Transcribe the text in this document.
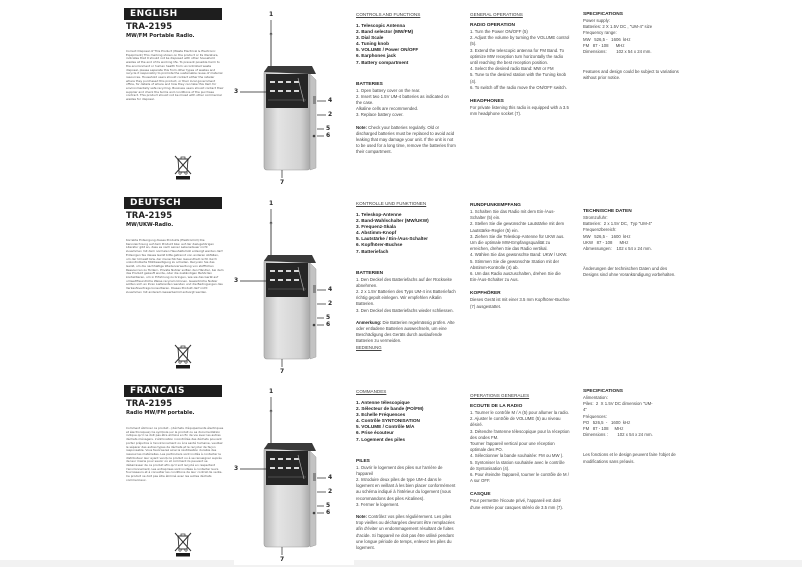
ENGLISH
TRA-2195
MW/FM Portable Radio.
Correct Disposal of This Product (Waste Electrical & Electronic Equipment) This marking shown on the product or its literature, indicates that it should not be disposed with other household wastes at the end of its working life. To prevent possible harm to the environment or human health from uncontrolled waste disposal, please separate this from other types of wastes and recycle it responsibly to promote the sustainable reuse of material resources. Household users should contact either the retailer where they purchased this product, or their local government office, for details of where and how they can take this item for environmentally safe recycling. Business users should contact their supplier and check the terms and conditions of the purchase contract. This product should not be mixed with other commercial wastes for disposal.
1
3
4
2
5
6
7
CONTROLS AND FUNCTIONS
1. Telescopic Antenna
2. Band selector (MW/FM)
3. Dial Scale
4. Tuning knob
5. VOLUME / Power ON/OFF
6. Earphones jack
7. Battery compartment
BATTERIES
1. Open battery cover on the rear.
2. Insert two 1.5V UM-4 batteries as indicated on the case.
Alkaline cells are recommended.
3. Replace battery cover.
Note: Check your batteries regularly. Old or discharged batteries must be replaced to avoid acid leaking that may damage your unit. If the unit is not to be used for a long time, remove the batteries from their compartment.
GENERAL OPERATIONS
RADIO OPERATION
1. Turn the Power ON/OFF (5)
2. Adjust the volume by turning the VOLUME control (5).
3. Extend the telescopic antenna for FM Band. To optimize MW reception turn horizontally the radio until reaching the best reception position.
4. Select the desired radio Band: MW or FM
5. Tune to the desired station with the Tuning knob (4).
6. To switch off the radio move the ON/OFF switch.
HEADPHONES
For private listening this radio is equipped with a 3.5 mm headphone socket (7).
SPECIFICATIONS
Power supply:
Batteries: 2 X 1.5V DC , "UM-4" size
Frequency range:
MW   526,5 -   1606  kHz
FM   87 - 108      MHz
Dimensions:        102 x 54 x 24 mm.
Features and design could be subject to variations without prior notice.
DEUTSCH
TRA-2195
MW/UKW-Radio.
Korrekte Entsorgung dieses Produkts (Elektromüll) Die Kennzeichnung auf dem Produkt bzw. auf der dazugehörigen Literatur gibt an, dass es nach seiner Lebensdauer nicht zusammen mit dem normalen Haushaltsmüll entsorgt werden darf. Entsorgen Sie dieses Gerät bitte getrennt von anderen Abfällen, um der Umwelt bzw. der menschlichen Gesundheit nicht durch unkontrollierte Müllbeseitigung zu schaden. Recyceln Sie das Gerät, um die nachhaltige Wiederverwertung von stofflichen Ressourcen zu fördern. Private Nutzer sollten den Händler, bei dem das Produkt gekauft wurde, oder die zuständigen Behörden kontaktieren, um in Erfahrung zu bringen, wie sie das Gerät auf umweltfreundliche Weise recyceln können. Gewerbliche Nutzer sollten sich an ihren Lieferanten wenden und die Bedingungen des Verkaufsvertrags konsultieren. Dieses Produkt darf nicht zusammen mit anderem Gewerbemüll entsorgt werden.
1
3
4
2
5
6
7
KONTROLLE UND FUNKTIONEN
1. Teleskop-Antenne
2. Band-Wahlschalter (MW/UKW)
3. Frequenz-Skala
4. Abstimm-Knopf
5. Lautstärke / Ein-/Aus-Schalter
6. Kopfhörer-Buchse
7. Batteriefach
BATTERIEN
1. Den Deckel des Batteriefachs auf der Rückseite abnehmen.
2. 2 x 1.5V Batterien des Typs UM-4 ins Batteriefach richtig gepolt einlegen. Wir empfehlen Alkalin Batterien.
3. Den Deckel des Batteriefachs wieder schliessen.
Anmerkung: Die Batterien regelmässig prüfen. Alte oder entladene Batterien auswechseln, um eine Beschädigung des Geräts durch auslaufende Batterien zu vermeiden.
BEDIENUNG
RUNDFUNKEMPFANG
1. Schalten Sie das Radio mit dem Ein-/Aus-Schalter (5) ein.
2. Stellen Sie die gewünschte Lautstärke mit dem Lautstärke-Regler (5) ein.
3. Ziehen Sie die Teleskop-Antenne für UKW aus. Um die optimale MW-Empfangsqualität zu erreichen, drehen Sie das Radio vertikal.
4. Wählen Sie das gewünschte Band: UKW / UKW.
5. Stimmen Sie die gewünschte Station mit der Abstimm-Kontrolle (4) ab.
6. Um das Radio auszuschalten, drehen Sie die Ein-/Aus-Schalter zu Aus.
KOPFHÖRER
Dieses Gerät ist mit einer 3.5 mm Kopfhörer-Buchse (7) ausgestattet.
TECHNISCHE DATEN
Stromzufuhr:
Batterien:  2 x 1.5V DC,  Typ "UM-4"
Frequenzbereich:
MW   526,5 -   1600  kHz
UKW   87 - 108      MHz
Abmessungen:    102 x 54 x 24 mm.
Änderungen der technischen Daten und des Designs sind ohne Vorankündigung vorbehalten.
FRANCAIS
TRA-2195
Radio MW/FM portable.
Comment éliminer ce produit - (déchets d'équipements électriques et électroniques) Ce symbole sur le produit ou sa documentation indique qu'il ne doit pas être éliminé en fin de vie avec les autres déchets ménagers. L'élimination incontrôlée des déchets pouvant porter préjudice à l'environnement ou à la santé humaine, veuillez le séparer des autres types de déchets et le recycler de façon responsable. Vous favoriserez ainsi la réutilisation durable des ressources matérielles. Les particuliers sont invités à contacter le distributeur leur ayant vendu le produit ou à se renseigner auprès de leur mairie pour savoir où et comment ils peuvent se débarrasser de ce produit afin qu'il soit recyclé en respectant l'environnement. Les entreprises sont invitées à contacter leurs fournisseurs et à consulter les conditions de leur contrat de vente. Ce produit ne doit pas être éliminé avec les autres déchets commerciaux.
1
3
4
2
5
6
7
COMMANDES
1. Antenne télescopique
2. Sélecteur de bande (PO/FM)
3. Echelle Fréquences
4. Contrôle SYNTONISATION
5. VOLUME / Contrôle M/A
6. Prise écouteur
7. Logement des piles
PILES
1. Ouvrir le logement des piles sur l'arrière de l'appareil
2. Introduire deux piles de type UM-4 dans le logement en veillant à les bien placer conformément au schéma indiqué à l'intérieur du logement (nous recommandons des piles Alcalines).
3. Fermer le logement.
Note: Contrôlez vos piles régulièrement. Les piles trop vieilles ou déchargées devront être remplacées afin d'éviter un endommagement résultant de fuites d'acide. Si l'appareil ne doit pas être utilisé pendant une longue période de temps, enlevez les piles du logement.
OPERATIONS GENERALES
ECOUTE DE LA RADIO
1. Tourner le contrôle M / A (5) pour allumer la radio.
2. Ajuster le contrôle de VOLUME (5) au niveau désiré.
3. Détendre l'antenne télescopique pour la réception des ondes FM.
Tourner l'appareil vertical pour une réception optimale des PO.
4. Sélectionner la bande souhaitée: FM ou MW ).
5. Syntoniser la station souhaitée avec le contrôle de Syntonisation (4).
6. Pour éteindre l'appareil, tourner le contrôle de M / A sur OFF.
CASQUE
Pour permettre l'écoute privé, l'appareil est doté d'une entrée pour casques stéréo de 3.5 mm (7).
SPECIFICATIONS
Alimentation:
Piles:  2  X 1.5V DC dimension "UM-
4"
Fréquences:
PO   526,5  -   1600  kHz
FM   87 - 108     MHz
Dimensions :        102 x 54 x 24 mm.
Les fonctions et le design peuvent faire l'objet de modifications sans préavis.
